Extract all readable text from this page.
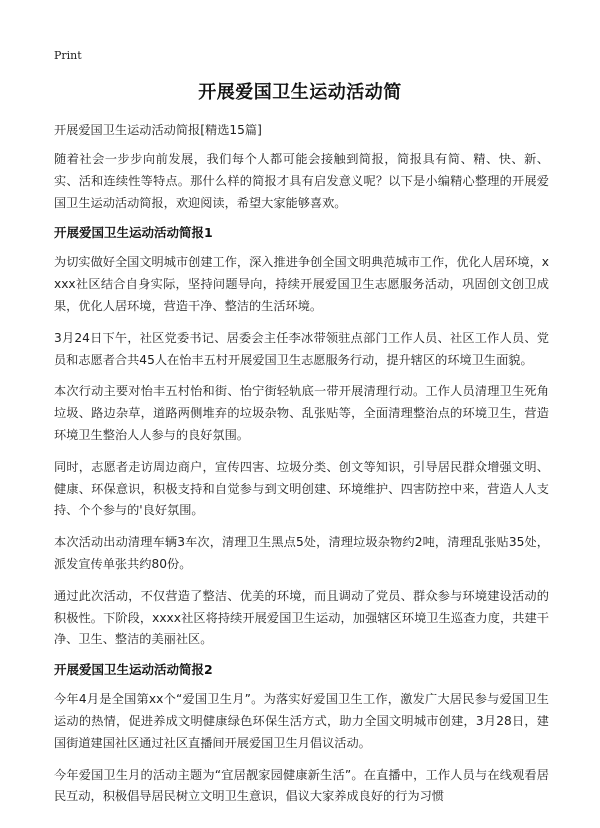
Print
开展爱国卫生运动活动简
开展爱国卫生运动活动简报[精选15篇]
随着社会一步步向前发展，我们每个人都可能会接触到简报，简报具有简、精、快、新、实、活和连续性等特点。那什么样的简报才具有启发意义呢？以下是小编精心整理的开展爱国卫生运动活动简报，欢迎阅读，希望大家能够喜欢。
开展爱国卫生运动活动简报1
为切实做好全国文明城市创建工作，深入推进争创全国文明典范城市工作，优化人居环境，xxxx社区结合自身实际，坚持问题导向，持续开展爱国卫生志愿服务活动，巩固创文创卫成果，优化人居环境，营造干净、整洁的生活环境。
3月24日下午，社区党委书记、居委会主任李冰带领驻点部门工作人员、社区工作人员、党员和志愿者合共45人在怡丰五村开展爱国卫生志愿服务行动，提升辖区的环境卫生面貌。
本次行动主要对怡丰五村怡和街、怡宁街轻轨底一带开展清理行动。工作人员清理卫生死角垃圾、路边杂草，道路两侧堆弃的垃圾杂物、乱张贴等，全面清理整治点的环境卫生，营造环境卫生整治人人参与的良好氛围。
同时，志愿者走访周边商户，宣传四害、垃圾分类、创文等知识，引导居民群众增强文明、健康、环保意识，积极支持和自觉参与到文明创建、环境维护、四害防控中来，营造人人支持、个个参与的'良好氛围。
本次活动出动清理车辆3车次，清理卫生黑点5处，清理垃圾杂物约2吨，清理乱张贴35处，派发宣传单张共约80份。
通过此次活动，不仅营造了整洁、优美的环境，而且调动了党员、群众参与环境建设活动的积极性。下阶段，xxxx社区将持续开展爱国卫生运动，加强辖区环境卫生巡查力度，共建干净、卫生、整洁的美丽社区。
开展爱国卫生运动活动简报2
今年4月是全国第xx个“爱国卫生月”。为落实好爱国卫生工作，激发广大居民参与爱国卫生运动的热情，促进养成文明健康绿色环保生活方式，助力全国文明城市创建，3月28日，建国街道建国社区通过社区直播间开展爱国卫生月倡议活动。
今年爱国卫生月的活动主题为“宜居靓家园健康新生活”。在直播中，工作人员与在线观看居民互动，积极倡导居民树立文明卫生意识，倡议大家养成良好的行为习惯
